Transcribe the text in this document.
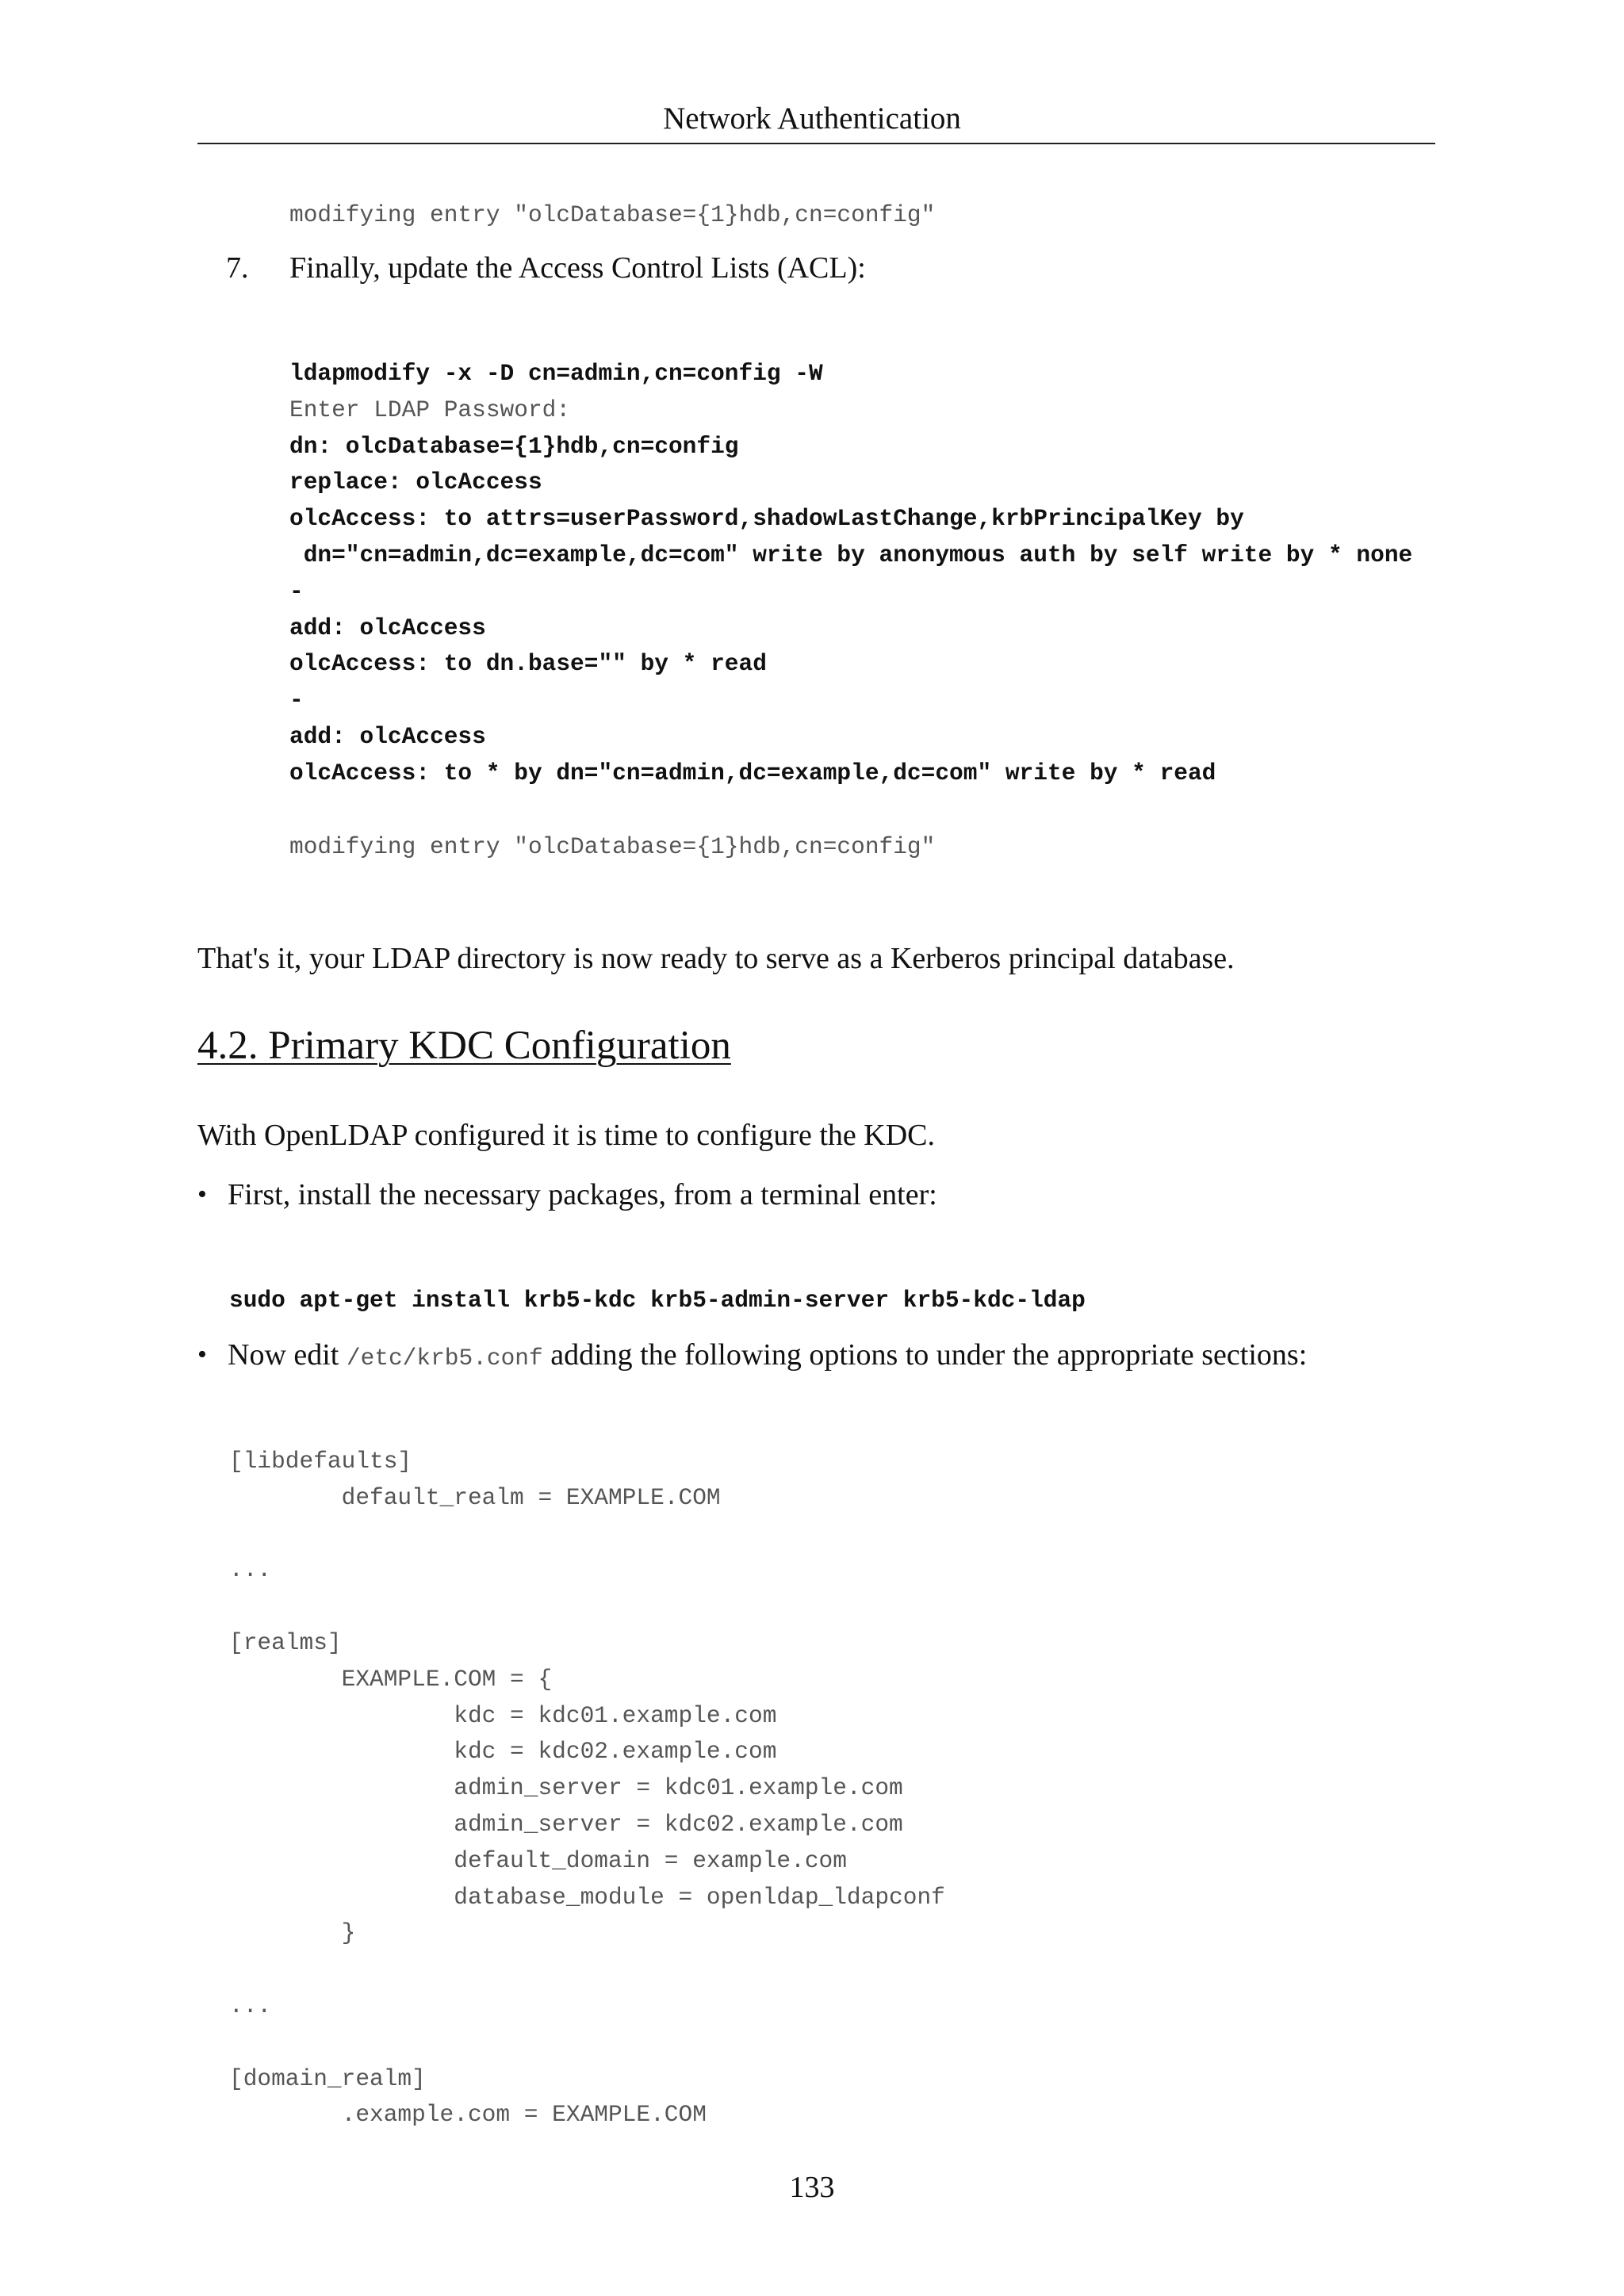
Network Authentication
modifying entry "olcDatabase={1}hdb,cn=config"
7. Finally, update the Access Control Lists (ACL):
ldapmodify -x -D cn=admin,cn=config -W
Enter LDAP Password:
dn: olcDatabase={1}hdb,cn=config
replace: olcAccess
olcAccess: to attrs=userPassword,shadowLastChange,krbPrincipalKey by
dn="cn=admin,dc=example,dc=com" write by anonymous auth by self write by * none
-
add: olcAccess
olcAccess: to dn.base="" by * read
-
add: olcAccess
olcAccess: to * by dn="cn=admin,dc=example,dc=com" write by * read
modifying entry "olcDatabase={1}hdb,cn=config"
That's it, your LDAP directory is now ready to serve as a Kerberos principal database.
4.2. Primary KDC Configuration
With OpenLDAP configured it is time to configure the KDC.
• First, install the necessary packages, from a terminal enter:
sudo apt-get install krb5-kdc krb5-admin-server krb5-kdc-ldap
• Now edit /etc/krb5.conf adding the following options to under the appropriate sections:
[libdefaults]
default_realm = EXAMPLE.COM
...
[realms]
EXAMPLE.COM = {
kdc = kdc01.example.com
kdc = kdc02.example.com
admin_server = kdc01.example.com
admin_server = kdc02.example.com
default_domain = example.com
database_module = openldap_ldapconf
}
...
[domain_realm]
.example.com = EXAMPLE.COM
133
